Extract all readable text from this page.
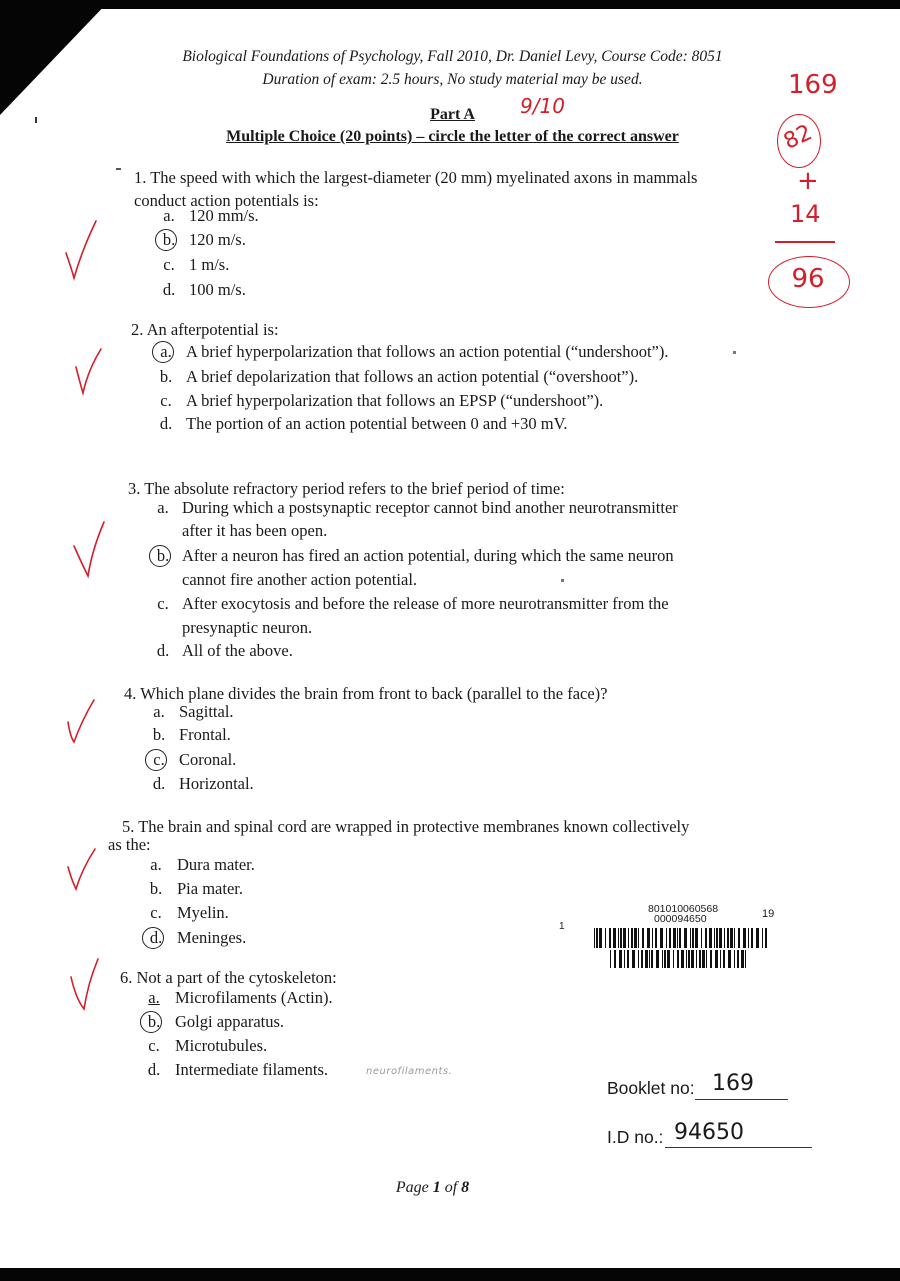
Biological Foundations of Psychology, Fall 2010, Dr. Daniel Levy, Course Code: 8051
Duration of exam: 2.5 hours, No study material may be used.
Part A
Multiple Choice (20 points) – circle the letter of the correct answer
1. The speed with which the largest-diameter (20 mm) myelinated axons in mammals
conduct action potentials is:
a. 120 mm/s.
b. 120 m/s.
c. 1 m/s.
d. 100 m/s.
2. An afterpotential is:
a. A brief hyperpolarization that follows an action potential (“undershoot”).
b. A brief depolarization that follows an action potential (“overshoot”).
c. A brief hyperpolarization that follows an EPSP (“undershoot”).
d. The portion of an action potential between 0 and +30 mV.
3. The absolute refractory period refers to the brief period of time:
a. During which a postsynaptic receptor cannot bind another neurotransmitter
after it has been open.
b. After a neuron has fired an action potential, during which the same neuron
cannot fire another action potential.
c. After exocytosis and before the release of more neurotransmitter from the
presynaptic neuron.
d. All of the above.
4. Which plane divides the brain from front to back (parallel to the face)?
a. Sagittal.
b. Frontal.
c. Coronal.
d. Horizontal.
5. The brain and spinal cord are wrapped in protective membranes known collectively
as the:
a. Dura mater.
b. Pia mater.
c. Myelin.
d. Meninges.
6. Not a part of the cytoskeleton:
a. Microfilaments (Actin).
b. Golgi apparatus.
c. Microtubules.
d. Intermediate filaments.	neurofilaments.
9/10
169
82
+
14
96
801010060568
000094650	19
1
Booklet no: 169
I.D no.: 94650
Page 1 of 8
